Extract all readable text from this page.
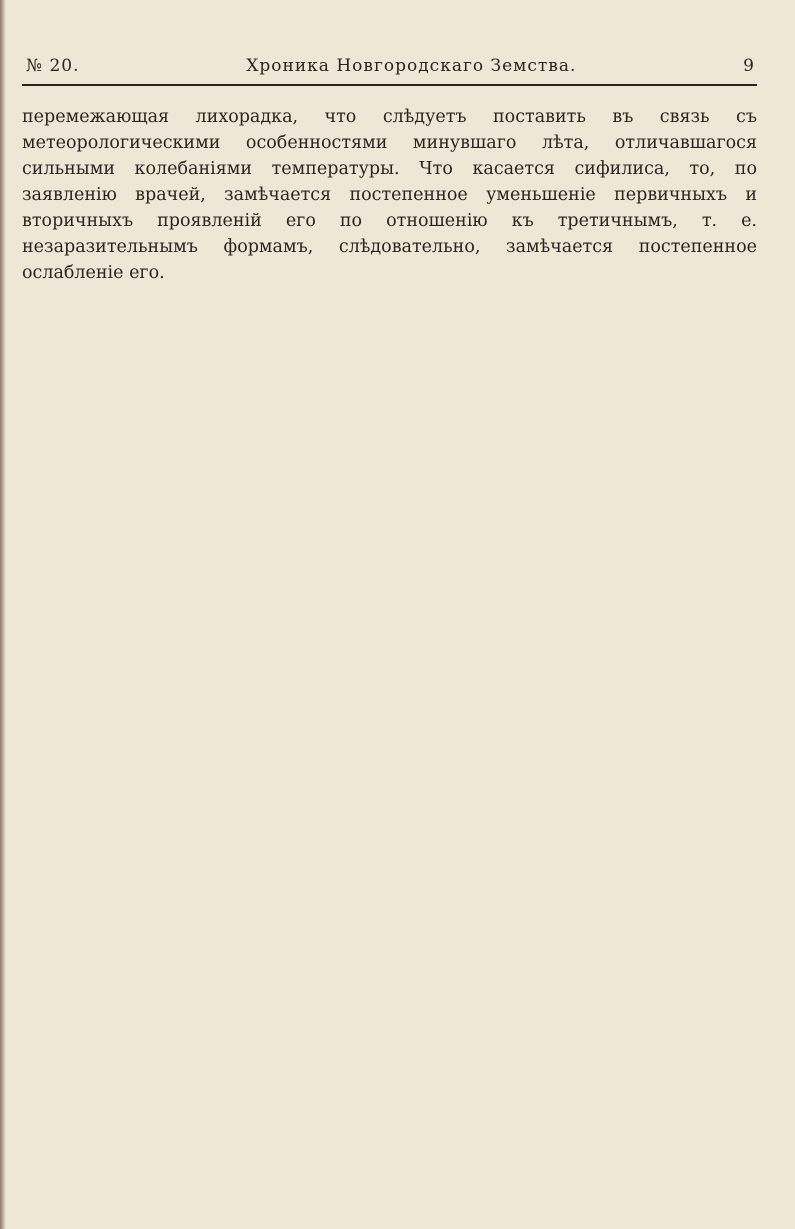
№ 20.	Хроника Новгородскаго Земства.	9

перемежающая лихорадка, что слѣдуетъ поставить въ связь съ метеорологическими особенностями минувшаго лѣта, отличавшагося сильными колебаніями температуры. Что касается сифилиса, то, по заявленію врачей, замѣчается постепенное уменьшеніе первичныхъ и вторичныхъ проявленій его по отношенію къ третичнымъ, т. е. незаразительнымъ формамъ, слѣдовательно, замѣчается постепенное ослабленіе его.
